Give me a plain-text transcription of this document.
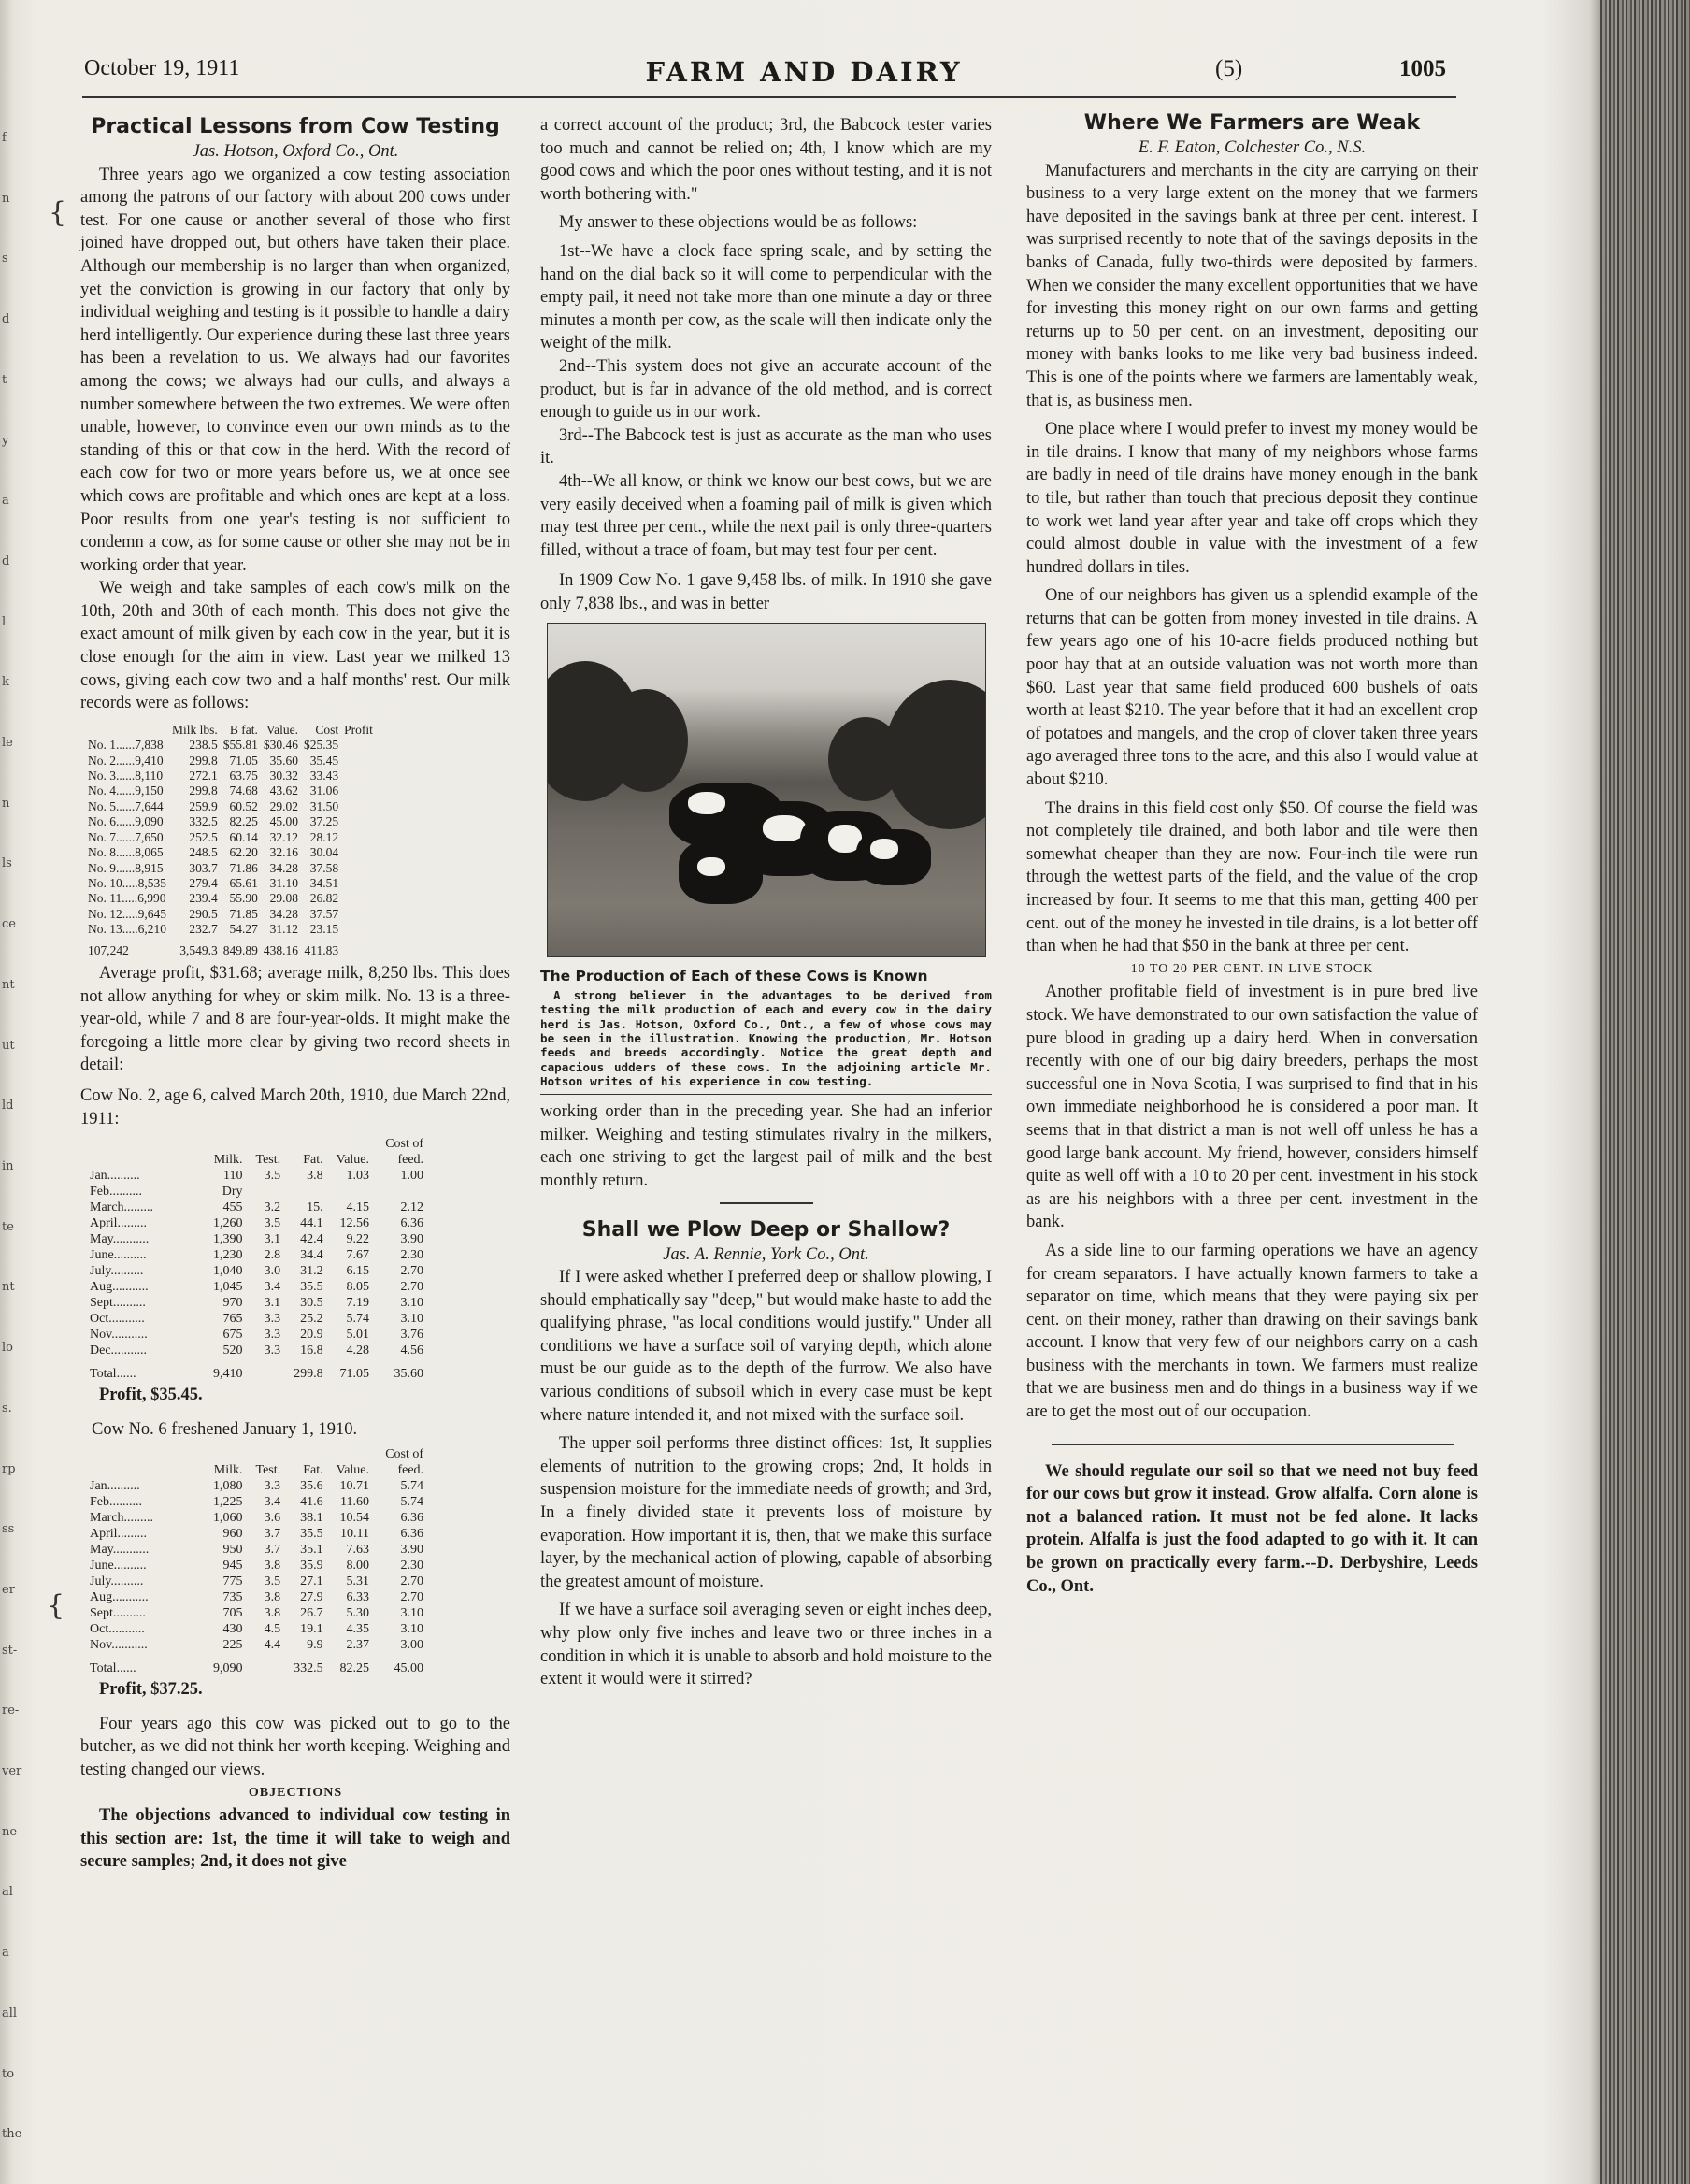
f
n
s
d
t
y
a
d
l
k
le
n
ls
ce
nt
ut
ld
in
te
nt
lo
s.
rp
ss
er
st-
re-
ver
ne
al
a
all
to
the
October 19, 1911	FARM AND DAIRY	(5)	1005

Practical Lessons from Cow Testing

Jas. Hotson, Oxford Co., Ont.

Three years ago we organized a cow testing association among the patrons of our factory with about 200 cows under test. For one cause or another several of those who first joined have dropped out, but others have taken their place. Although our membership is no larger than when organized, yet the conviction is growing in our factory that only by individual weighing and testing is it possible to handle a dairy herd intelligently. Our experience during these last three years has been a revelation to us. We always had our favorites among the cows; we always had our culls, and always a number somewhere between the two extremes. We were often unable, however, to convince even our own minds as to the standing of this or that cow in the herd. With the record of each cow for two or more years before us, we at once see which cows are profitable and which ones are kept at a loss. Poor results from one year's testing is not sufficient to condemn a cow, as for some cause or other she may not be in working order that year.

We weigh and take samples of each cow's milk on the 10th, 20th and 30th of each month. This does not give the exact amount of milk given by each cow in the year, but it is close enough for the aim in view. Last year we milked 13 cows, giving each cow two and a half months' rest. Our milk records were as follows:

	Milk lbs.	B fat.	Value.	Cost	Profit
No. 1......7,838	238.5	$55.81	$30.46	$25.35	
No. 2......9,410	299.8	71.05	35.60	35.45	
No. 3......8,110	272.1	63.75	30.32	33.43	
No. 4......9,150	299.8	74.68	43.62	31.06	
No. 5......7,644	259.9	60.52	29.02	31.50	
No. 6......9,090	332.5	82.25	45.00	37.25	
No. 7......7,650	252.5	60.14	32.12	28.12	
No. 8......8,065	248.5	62.20	32.16	30.04	
No. 9......8,915	303.7	71.86	34.28	37.58	
No. 10.....8,535	279.4	65.61	31.10	34.51	
No. 11.....6,990	239.4	55.90	29.08	26.82	
No. 12.....9,645	290.5	71.85	34.28	37.57	
No. 13.....6,210	232.7	54.27	31.12	23.15	
107,242	3,549.3	849.89	438.16	411.83	

Average profit, $31.68; average milk, 8,250 lbs. This does not allow anything for whey or skim milk. No. 13 is a three-year-old, while 7 and 8 are four-year-olds. It might make the foregoing a little more clear by giving two record sheets in detail:

Cow No. 2, age 6, calved March 20th, 1910, due March 22nd, 1911:

	Milk.	Test.	Fat.	Value.	Cost of feed.
Jan..........	110	3.5	3.8	1.03	1.00
Feb..........	Dry				
March.........	455	3.2	15.	4.15	2.12
April.........	1,260	3.5	44.1	12.56	6.36
May...........	1,390	3.1	42.4	9.22	3.90
June..........	1,230	2.8	34.4	7.67	2.30
July..........	1,040	3.0	31.2	6.15	2.70
Aug...........	1,045	3.4	35.5	8.05	2.70
Sept..........	970	3.1	30.5	7.19	3.10
Oct...........	765	3.3	25.2	5.74	3.10
Nov...........	675	3.3	20.9	5.01	3.76
Dec...........	520	3.3	16.8	4.28	4.56
Total......	9,410		299.8	71.05	35.60

Profit, $35.45.

Cow No. 6 freshened January 1, 1910.

	Milk.	Test.	Fat.	Value.	Cost of feed.
Jan..........	1,080	3.3	35.6	10.71	5.74
Feb..........	1,225	3.4	41.6	11.60	5.74
March.........	1,060	3.6	38.1	10.54	6.36
April.........	960	3.7	35.5	10.11	6.36
May...........	950	3.7	35.1	7.63	3.90
June..........	945	3.8	35.9	8.00	2.30
July..........	775	3.5	27.1	5.31	2.70
Aug...........	735	3.8	27.9	6.33	2.70
Sept..........	705	3.8	26.7	5.30	3.10
Oct...........	430	4.5	19.1	4.35	3.10
Nov...........	225	4.4	9.9	2.37	3.00
Total......	9,090		332.5	82.25	45.00

Profit, $37.25.

Four years ago this cow was picked out to go to the butcher, as we did not think her worth keeping. Weighing and testing changed our views.

OBJECTIONS

The objections advanced to individual cow testing in this section are: 1st, the time it will take to weigh and secure samples; 2nd, it does not give

a correct account of the product; 3rd, the Babcock tester varies too much and cannot be relied on; 4th, I know which are my good cows and which the poor ones without testing, and it is not worth bothering with."

My answer to these objections would be as follows:

1st--We have a clock face spring scale, and by setting the hand on the dial back so it will come to perpendicular with the empty pail, it need not take more than one minute a day or three minutes a month per cow, as the scale will then indicate only the weight of the milk.

2nd--This system does not give an accurate account of the product, but is far in advance of the old method, and is correct enough to guide us in our work.

3rd--The Babcock test is just as accurate as the man who uses it.

4th--We all know, or think we know our best cows, but we are very easily deceived when a foaming pail of milk is given which may test three per cent., while the next pail is only three-quarters filled, without a trace of foam, but may test four per cent.

In 1909 Cow No. 1 gave 9,458 lbs. of milk. In 1910 she gave only 7,838 lbs., and was in better

The Production of Each of these Cows is Known

A strong believer in the advantages to be derived from testing the milk production of each and every cow in the dairy herd is Jas. Hotson, Oxford Co., Ont., a few of whose cows may be seen in the illustration. Knowing the production, Mr. Hotson feeds and breeds accordingly. Notice the great depth and capacious udders of these cows. In the adjoining article Mr. Hotson writes of his experience in cow testing.

working order than in the preceding year. She had an inferior milker. Weighing and testing stimulates rivalry in the milkers, each one striving to get the largest pail of milk and the best monthly return.

Shall we Plow Deep or Shallow?

Jas. A. Rennie, York Co., Ont.

If I were asked whether I preferred deep or shallow plowing, I should emphatically say "deep," but would make haste to add the qualifying phrase, "as local conditions would justify." Under all conditions we have a surface soil of varying depth, which alone must be our guide as to the depth of the furrow. We also have various conditions of subsoil which in every case must be kept where nature intended it, and not mixed with the surface soil.

The upper soil performs three distinct offices: 1st, It supplies elements of nutrition to the growing crops; 2nd, It holds in suspension moisture for the immediate needs of growth; and 3rd, In a finely divided state it prevents loss of moisture by evaporation. How important it is, then, that we make this surface layer, by the mechanical action of plowing, capable of absorbing the greatest amount of moisture.

If we have a surface soil averaging seven or eight inches deep, why plow only five inches and leave two or three inches in a condition in which it is unable to absorb and hold moisture to the extent it would were it stirred?

Where We Farmers are Weak

E. F. Eaton, Colchester Co., N.S.

Manufacturers and merchants in the city are carrying on their business to a very large extent on the money that we farmers have deposited in the savings bank at three per cent. interest. I was surprised recently to note that of the savings deposits in the banks of Canada, fully two-thirds were deposited by farmers. When we consider the many excellent opportunities that we have for investing this money right on our own farms and getting returns up to 50 per cent. on an investment, depositing our money with banks looks to me like very bad business indeed. This is one of the points where we farmers are lamentably weak, that is, as business men.

One place where I would prefer to invest my money would be in tile drains. I know that many of my neighbors whose farms are badly in need of tile drains have money enough in the bank to tile, but rather than touch that precious deposit they continue to work wet land year after year and take off crops which they could almost double in value with the investment of a few hundred dollars in tiles.

One of our neighbors has given us a splendid example of the returns that can be gotten from money invested in tile drains. A few years ago one of his 10-acre fields produced nothing but poor hay that at an outside valuation was not worth more than $60. Last year that same field produced 600 bushels of oats worth at least $210. The year before that it had an excellent crop of potatoes and mangels, and the crop of clover taken three years ago averaged three tons to the acre, and this also I would value at about $210.

The drains in this field cost only $50. Of course the field was not completely tile drained, and both labor and tile were then somewhat cheaper than they are now. Four-inch tile were run through the wettest parts of the field, and the value of the crop increased by four. It seems to me that this man, getting 400 per cent. out of the money he invested in tile drains, is a lot better off than when he had that $50 in the bank at three per cent.

10 TO 20 PER CENT. IN LIVE STOCK

Another profitable field of investment is in pure bred live stock. We have demonstrated to our own satisfaction the value of pure blood in grading up a dairy herd. When in conversation recently with one of our big dairy breeders, perhaps the most successful one in Nova Scotia, I was surprised to find that in his own immediate neighborhood he is considered a poor man. It seems that in that district a man is not well off unless he has a good large bank account. My friend, however, considers himself quite as well off with a 10 to 20 per cent. investment in his stock as are his neighbors with a three per cent. investment in the bank.

As a side line to our farming operations we have an agency for cream separators. I have actually known farmers to take a separator on time, which means that they were paying six per cent. on their money, rather than drawing on their savings bank account. I know that very few of our neighbors carry on a cash business with the merchants in town. We farmers must realize that we are business men and do things in a business way if we are to get the most out of our occupation.

We should regulate our soil so that we need not buy feed for our cows but grow it instead. Grow alfalfa. Corn alone is not a balanced ration. It must not be fed alone. It lacks protein. Alfalfa is just the food adapted to go with it. It can be grown on practically every farm.--D. Derbyshire, Leeds Co., Ont.

{
{
